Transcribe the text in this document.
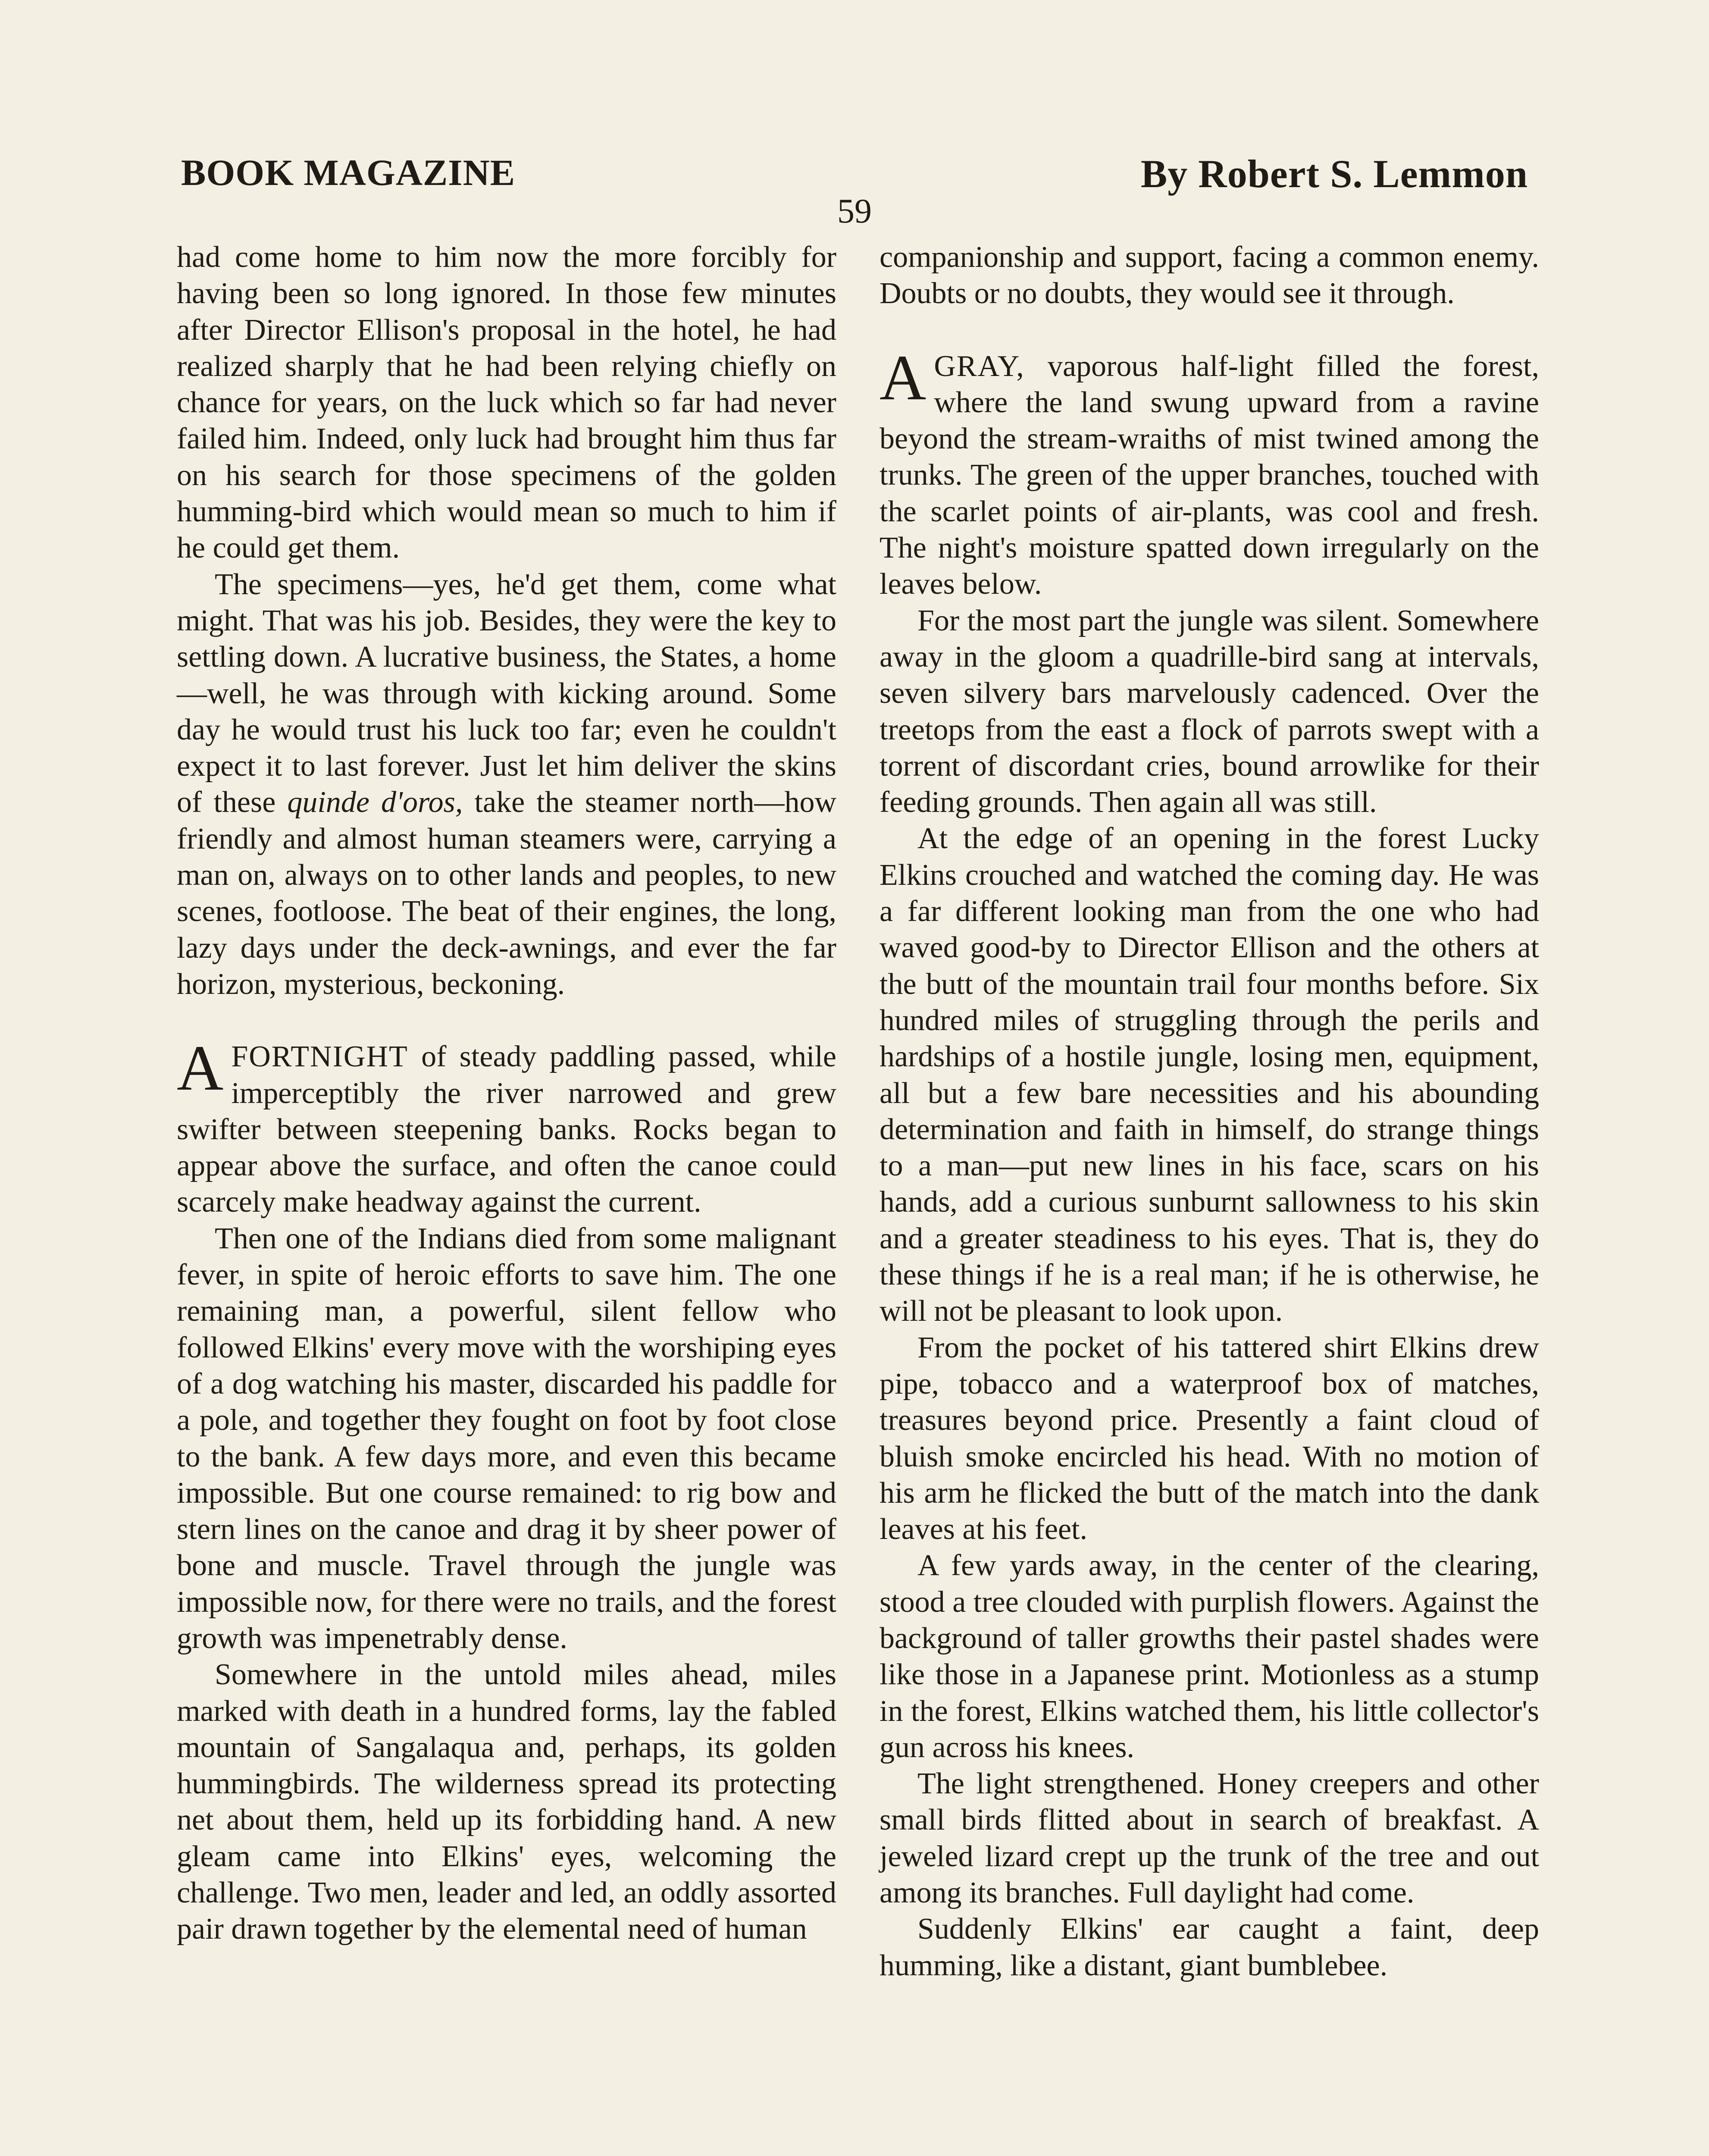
BOOK MAGAZINE	By Robert S. Lemmon
59

had come home to him now the more forcibly for having been so long ignored. In those few minutes after Director Ellison's proposal in the hotel, he had realized sharply that he had been relying chiefly on chance for years, on the luck which so far had never failed him. Indeed, only luck had brought him thus far on his search for those specimens of the golden humming-bird which would mean so much to him if he could get them.

The specimens—yes, he'd get them, come what might. That was his job. Besides, they were the key to settling down. A lucrative business, the States, a home—well, he was through with kicking around. Some day he would trust his luck too far; even he couldn't expect it to last forever. Just let him deliver the skins of these quinde d'oros, take the steamer north—how friendly and almost human steamers were, carrying a man on, always on to other lands and peoples, to new scenes, footloose. The beat of their engines, the long, lazy days under the deck-awnings, and ever the far horizon, mysterious, beckoning.

AFORTNIGHT of steady paddling passed, while imperceptibly the river narrowed and grew swifter between steepening banks. Rocks began to appear above the surface, and often the canoe could scarcely make headway against the current.

Then one of the Indians died from some malignant fever, in spite of heroic efforts to save him. The one remaining man, a powerful, silent fellow who followed Elkins' every move with the worshiping eyes of a dog watching his master, discarded his paddle for a pole, and together they fought on foot by foot close to the bank. A few days more, and even this became impossible. But one course remained: to rig bow and stern lines on the canoe and drag it by sheer power of bone and muscle. Travel through the jungle was impossible now, for there were no trails, and the forest growth was impenetrably dense.

Somewhere in the untold miles ahead, miles marked with death in a hundred forms, lay the fabled mountain of Sangalaqua and, perhaps, its golden hummingbirds. The wilderness spread its protecting net about them, held up its forbidding hand. A new gleam came into Elkins' eyes, welcoming the challenge. Two men, leader and led, an oddly assorted pair drawn together by the elemental need of human

companionship and support, facing a common enemy. Doubts or no doubts, they would see it through.

AGRAY, vaporous half-light filled the forest, where the land swung upward from a ravine beyond the stream-wraiths of mist twined among the trunks. The green of the upper branches, touched with the scarlet points of air-plants, was cool and fresh. The night's moisture spatted down irregularly on the leaves below.

For the most part the jungle was silent. Somewhere away in the gloom a quadrille-bird sang at intervals, seven silvery bars marvelously cadenced. Over the treetops from the east a flock of parrots swept with a torrent of discordant cries, bound arrowlike for their feeding grounds. Then again all was still.

At the edge of an opening in the forest Lucky Elkins crouched and watched the coming day. He was a far different looking man from the one who had waved good-by to Director Ellison and the others at the butt of the mountain trail four months before. Six hundred miles of struggling through the perils and hardships of a hostile jungle, losing men, equipment, all but a few bare necessities and his abounding determination and faith in himself, do strange things to a man—put new lines in his face, scars on his hands, add a curious sunburnt sallowness to his skin and a greater steadiness to his eyes. That is, they do these things if he is a real man; if he is otherwise, he will not be pleasant to look upon.

From the pocket of his tattered shirt Elkins drew pipe, tobacco and a waterproof box of matches, treasures beyond price. Presently a faint cloud of bluish smoke encircled his head. With no motion of his arm he flicked the butt of the match into the dank leaves at his feet.

A few yards away, in the center of the clearing, stood a tree clouded with purplish flowers. Against the background of taller growths their pastel shades were like those in a Japanese print. Motionless as a stump in the forest, Elkins watched them, his little collector's gun across his knees.

The light strengthened. Honey creepers and other small birds flitted about in search of breakfast. A jeweled lizard crept up the trunk of the tree and out among its branches. Full daylight had come.

Suddenly Elkins' ear caught a faint, deep humming, like a distant, giant bumblebee.
